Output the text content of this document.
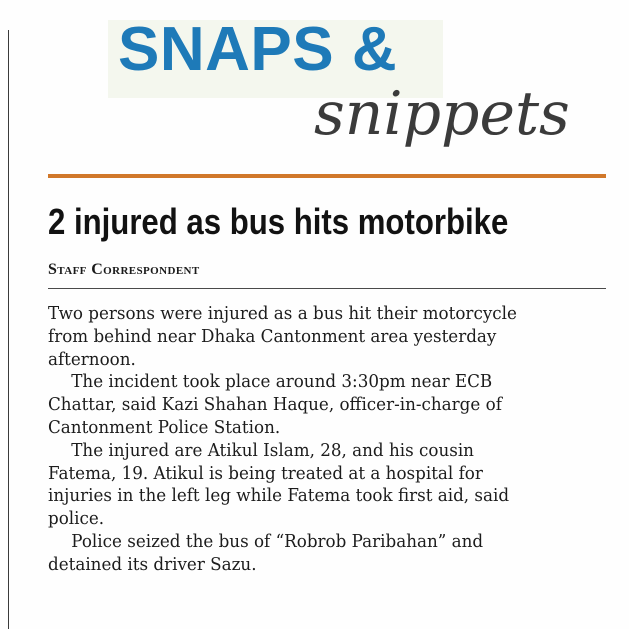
SNAPS &
snippets
2 injured as bus hits motorbike
Staff Correspondent

Two persons were injured as a bus hit their motorcycle
from behind near Dhaka Cantonment area yesterday
afternoon.

The incident took place around 3:30pm near ECB
Chattar, said Kazi Shahan Haque, officer-in-charge of
Cantonment Police Station.

The injured are Atikul Islam, 28, and his cousin
Fatema, 19. Atikul is being treated at a hospital for
injuries in the left leg while Fatema took first aid, said
police.

Police seized the bus of “Robrob Paribahan” and
detained its driver Sazu.
